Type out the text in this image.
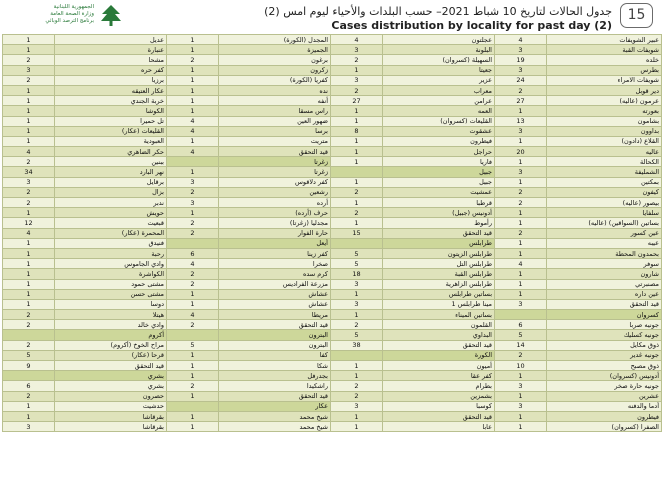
الجمهورية اللبنانية
وزارة الصحة العامة
برنامج الترصد الوبائي
جدول الحالات لتاريخ 10 شباط 2021– حسب البلدات والأحياء ليوم امس (2)
Cases distribution by locality for past day (2)
15
1	عديل	1	المجدل (الكورة)	4	عجلتون	4	عبير الشويفات
1	عنبارة	1	الجميزة	3	البلونة	3	شويفات القبة
2	مشحا	2	برغون	2	السهيلة (كسروان)	19	خلده
3	كفر حره	1	زكرون	1	جعيتا	3	بطرس
2	برزيا	1	كفريا (الكورة)	3	عزير	24	شويفات الامراء
1	عكار العتيقه	1	نده	2	معراب	2	دير قوبل
1	خربة الجندي	1	أنفه	27	عرامن	27	عرمون (عاليه)
1	الكوشا	1	راس مسقا	1	العمه	1	بعورته
1	تل حميرا	4	ضهور العين	1	القليعات (كسروان)	13	بشامون
1	القليعات (عكار)	4	برسا	8	عشقوت	3	بداوون
1	العبودية	1	متريت	1	فيطرون	1	القلاع (دادون)
4	حكر الضاهري	4	قيد التحقق	1	حراجل	20	عاليه
2	ببنين		زغرتا	1	فاريا	1	الكحالة
34	نهر البارد	1	زغرتا		جبيل	3	الشمليفة
3	برقايل	3	كفر دلاقوس	1	جبيل	1	بمكتين
2	بزال	2	رشعين	2	عمشيت	2	كيفون
2	ندبر	3	أرده	1	قرطبا	2	بيصور (عاليه)
1	حويش	1	حرف (أرده)	2	أدونيس (جبيل)	1	سلفايا
12	قبعيت	2	مجدليا (زغرتا)	1	رأموط	1	بساتين (السواقين) (عاليه)
4	المحمرة (عكار)	2	حارة الفوار	15	قيد التحقق	2	عين كسور
1	فنيدق		أيعل		طرابلس	1	عيبه
1	رحبة	6	كفر زينا	5	طرابلس الزيتون	1	بحمدون المحطة
1	وادي الجاموس	4	صخرا	5	طرابلس التل	4	سوفر
1	الكواشرة	2	كرم سده	18	طرابلس القبة	1	شارون
1	مشتى حمود	2	مزرعة الفراديس	3	طرابلس الزاهرية	1	مصنبرتي
1	مشتى حسن	1	عشاش	1	بساتين طرابلس	1	عين داره
1	دوسا	1	عشاش	3	مينا طرابلس 1	3	قيد التحقق
2	هيتلا	4	مريطا	1	بساتين الميناء		كسروان
2	وادي خالد	2	قيد التحقق	2	القلمون	6	جونيه صربا
	أكروم		البترون	5	البداوي	5	جونيه كسليك
2	مراح الخوخ (أكروم)	5	البترون	38	قيد التحقق	14	ذوق مكايل
5	قرحا (عكار)	1	كفا		الكورة	2	جونيه غدير
9	قيد التحقق	1	شكا	1	أميون	10	ذوق مصبح
	بشري	1	بجدرفل	1	كفر عقا	1	أدونيس (كسروان)
6	بشري	2	راشكيدا	2	بطرام	3	جونيه حارة صخر
2	حصرون	1	قيد التحقق	2	بشمزين	1	عشرين
1	حدشيت		عكار	3	كوسبا	3	أدما والدفنه
1	بقرقاشا	1	شيخ محمد	1	قيد التحقق	1	فيطرون
3	بقرقاشا	1	شيخ محمد	1	عابا	1	الصفرا (كسروان)
